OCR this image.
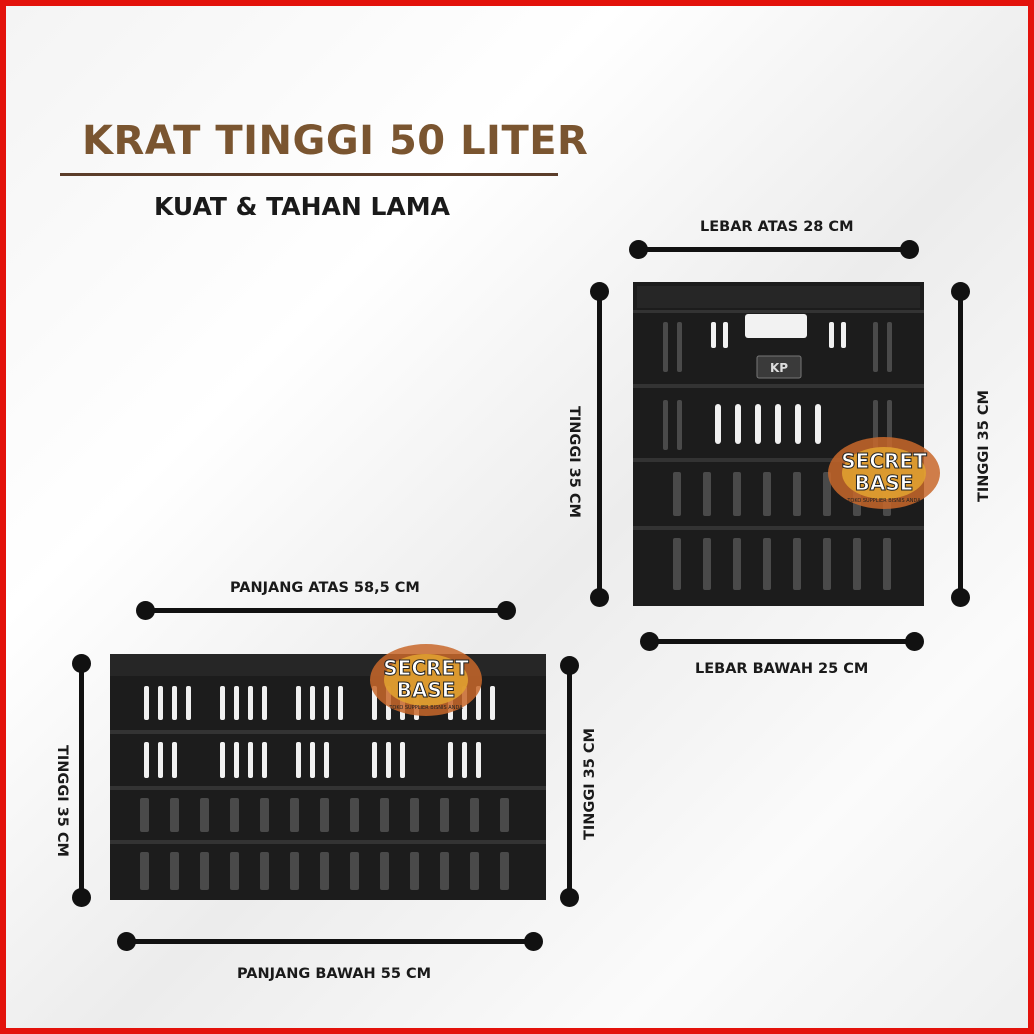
KRAT TINGGI 50 LITER
KUAT & TAHAN LAMA
LEBAR ATAS 28 CM
TINGGI 35 CM	TINGGI 35 CM
KP
LEBAR BAWAH 25 CM
SECRET
BASE
TOKO SUPPLIER BISNIS ANDA
PANJANG ATAS 58,5 CM
TINGGI 35 CM	TINGGI 35 CM
SECRET
BASE
TOKO SUPPLIER BISNIS ANDA
PANJANG BAWAH 55 CM
